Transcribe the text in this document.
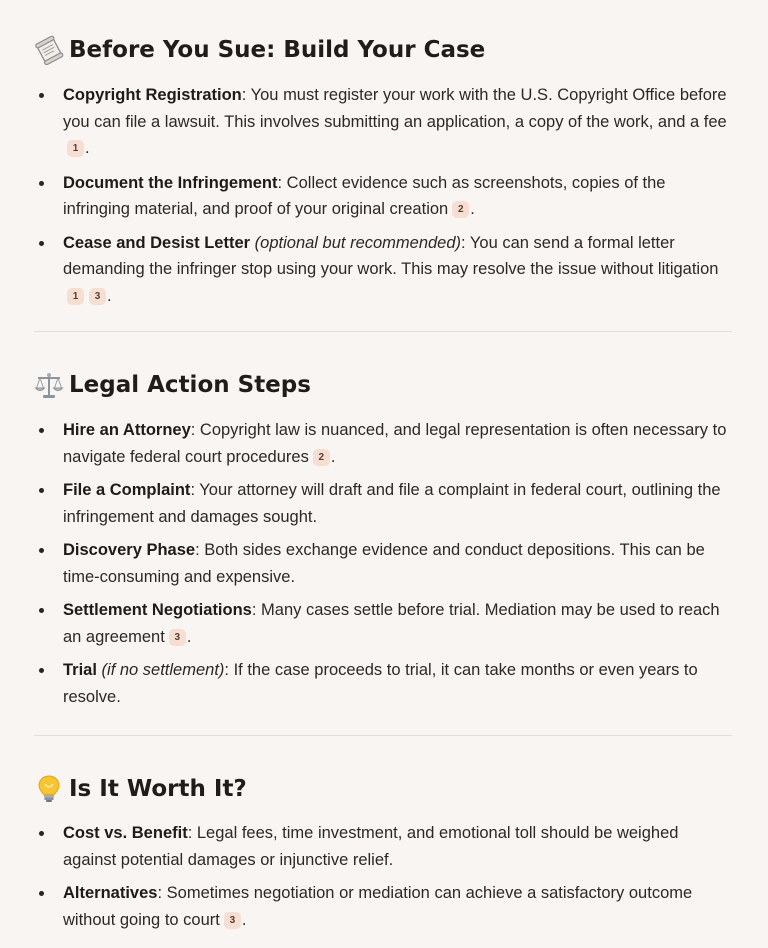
Before You Sue: Build Your Case
Copyright Registration: You must register your work with the U.S. Copyright Office before you can file a lawsuit. This involves submitting an application, a copy of the work, and a fee1 .
Document the Infringement: Collect evidence such as screenshots, copies of the infringing material, and proof of your original creation 2 .
Cease and Desist Letter (optional but recommended): You can send a formal letter demanding the infringer stop using your work. This may resolve the issue without litigation1 3 .
Legal Action Steps
Hire an Attorney: Copyright law is nuanced, and legal representation is often necessary to navigate federal court procedures 2 .
File a Complaint: Your attorney will draft and file a complaint in federal court, outlining the infringement and damages sought.
Discovery Phase: Both sides exchange evidence and conduct depositions. This can be time-consuming and expensive.
Settlement Negotiations: Many cases settle before trial. Mediation may be used to reach an agreement 3 .
Trial (if no settlement): If the case proceeds to trial, it can take months or even years to resolve.
Is It Worth It?
Cost vs. Benefit: Legal fees, time investment, and emotional toll should be weighed against potential damages or injunctive relief.
Alternatives: Sometimes negotiation or mediation can achieve a satisfactory outcome without going to court 3 .
